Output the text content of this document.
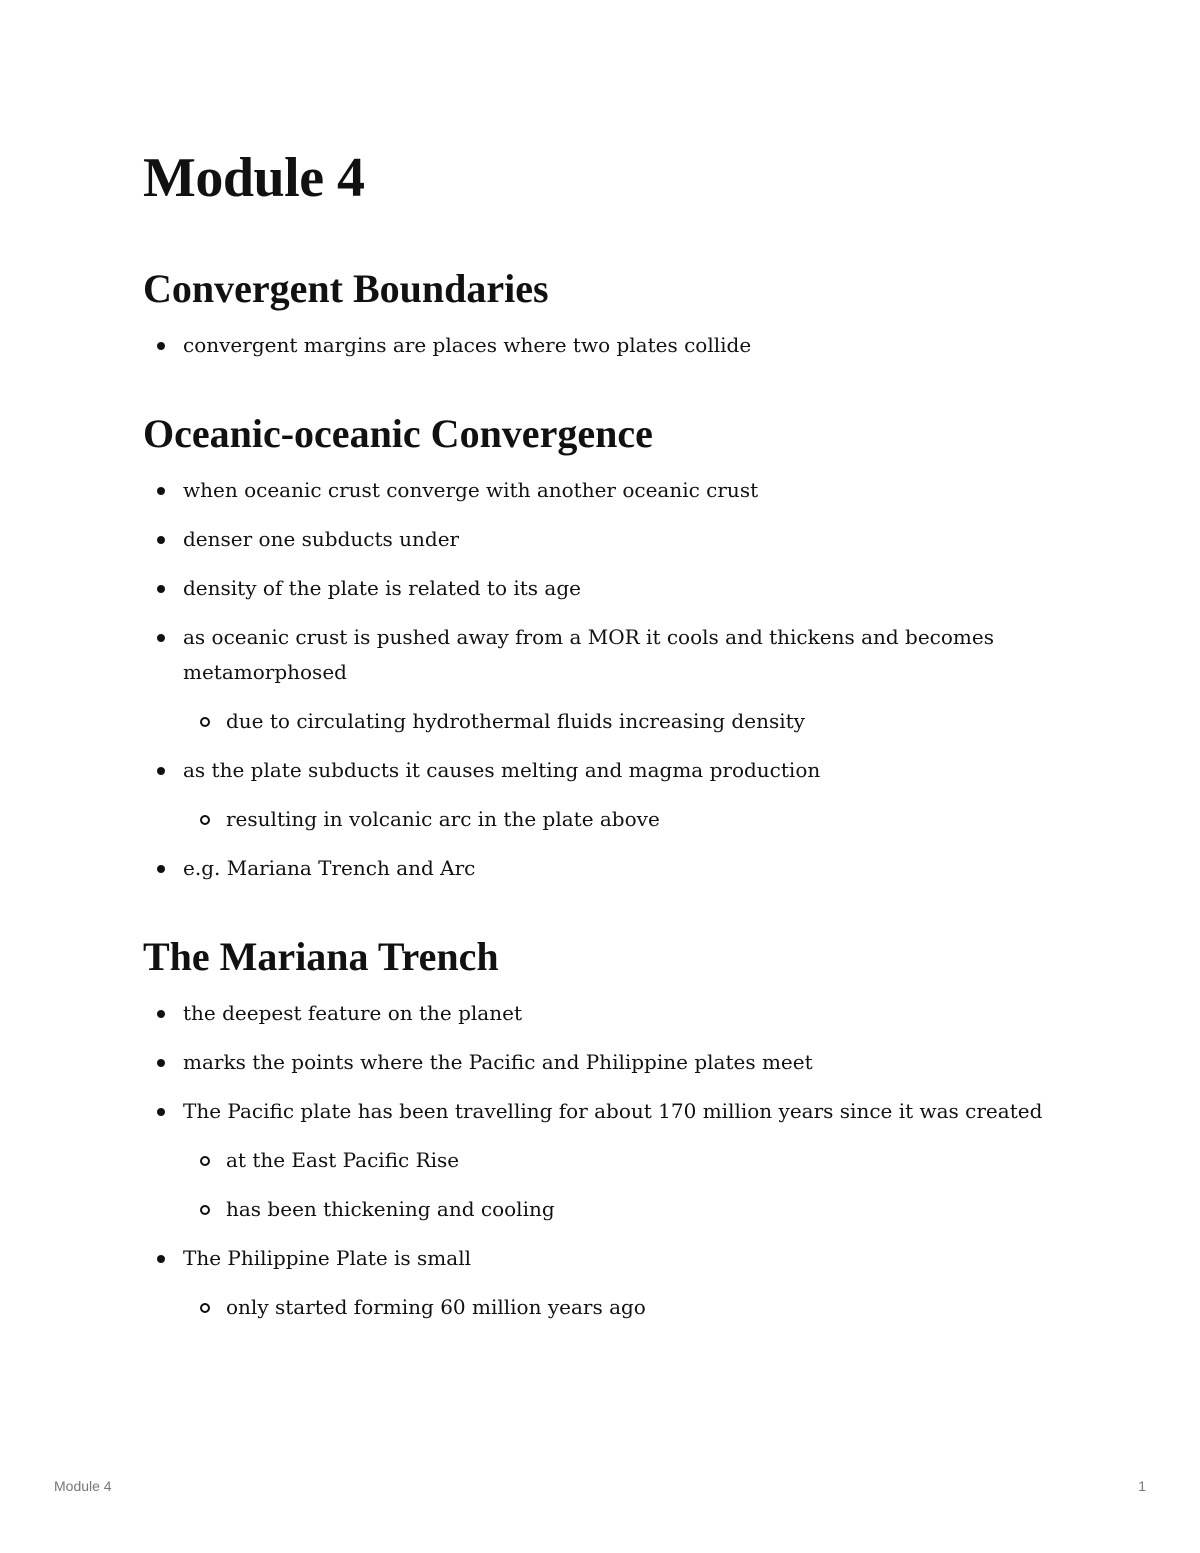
Module 4
Convergent Boundaries
convergent margins are places where two plates collide
Oceanic-oceanic Convergence
when oceanic crust converge with another oceanic crust
denser one subducts under
density of the plate is related to its age
as oceanic crust is pushed away from a MOR it cools and thickens and becomes metamorphosed
due to circulating hydrothermal fluids increasing density
as the plate subducts it causes melting and magma production
resulting in volcanic arc in the plate above
e.g. Mariana Trench and Arc
The Mariana Trench
the deepest feature on the planet
marks the points where the Pacific and Philippine plates meet
The Pacific plate has been travelling for about 170 million years since it was created
at the East Pacific Rise
has been thickening and cooling
The Philippine Plate is small
only started forming 60 million years ago
Module 4	1
